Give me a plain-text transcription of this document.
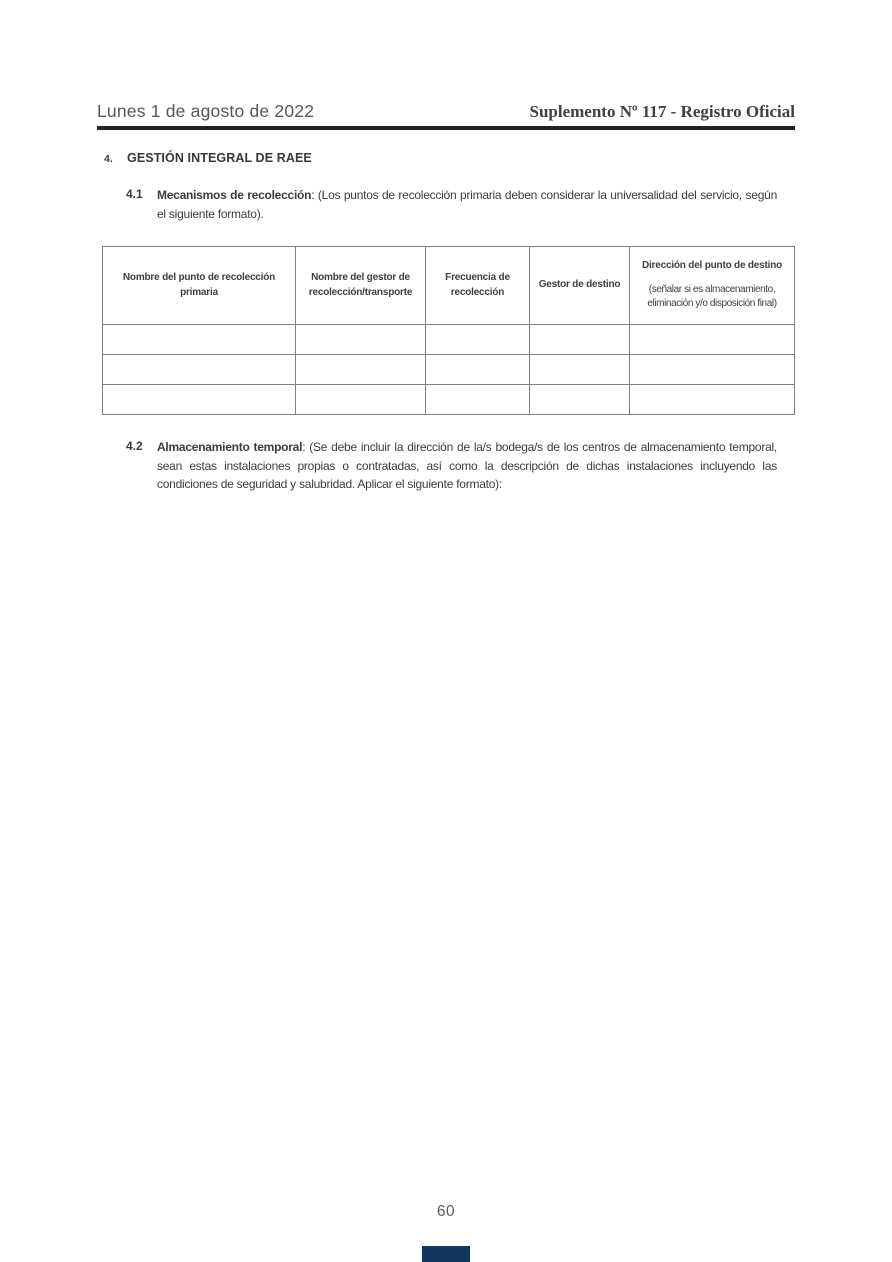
Lunes 1 de agosto de 2022	Suplemento Nº 117 - Registro Oficial
4.	GESTIÓN INTEGRAL DE RAEE
4.1	Mecanismos de recolección: (Los puntos de recolección primaria deben considerar la universalidad del servicio, según el siguiente formato).
Nombre del punto de recolección primaria	Nombre del gestor de recolección/transporte	Frecuencia de recolección	Gestor de destino	Dirección del punto de destino
(señalar si es almacenamiento, eliminación y/o disposición final)

4.2	Almacenamiento temporal: (Se debe incluir la dirección de la/s bodega/s de los centros de almacenamiento temporal, sean estas instalaciones propias o contratadas, así como la descripción de dichas instalaciones incluyendo las condiciones de seguridad y salubridad. Aplicar el siguiente formato):
60
